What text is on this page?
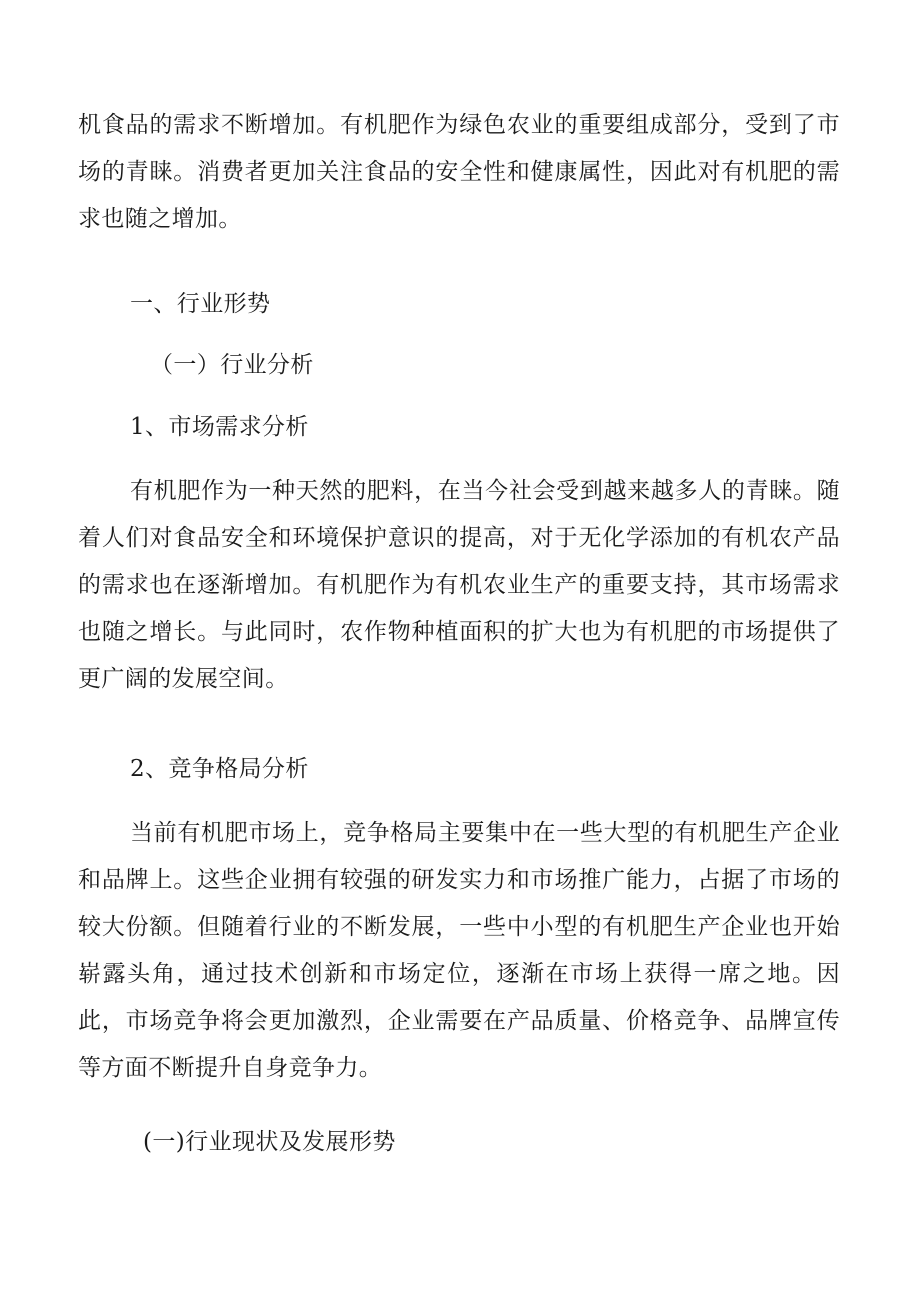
机食品的需求不断增加。有机肥作为绿色农业的重要组成部分，受到了市场的青睐。消费者更加关注食品的安全性和健康属性，因此对有机肥的需求也随之增加。

一、行业形势
（一）行业分析
1、市场需求分析

有机肥作为一种天然的肥料，在当今社会受到越来越多人的青睐。随着人们对食品安全和环境保护意识的提高，对于无化学添加的有机农产品的需求也在逐渐增加。有机肥作为有机农业生产的重要支持，其市场需求也随之增长。与此同时，农作物种植面积的扩大也为有机肥的市场提供了更广阔的发展空间。

2、竞争格局分析

当前有机肥市场上，竞争格局主要集中在一些大型的有机肥生产企业和品牌上。这些企业拥有较强的研发实力和市场推广能力，占据了市场的较大份额。但随着行业的不断发展，一些中小型的有机肥生产企业也开始崭露头角，通过技术创新和市场定位，逐渐在市场上获得一席之地。因此，市场竞争将会更加激烈，企业需要在产品质量、价格竞争、品牌宣传等方面不断提升自身竞争力。

(一)行业现状及发展形势
